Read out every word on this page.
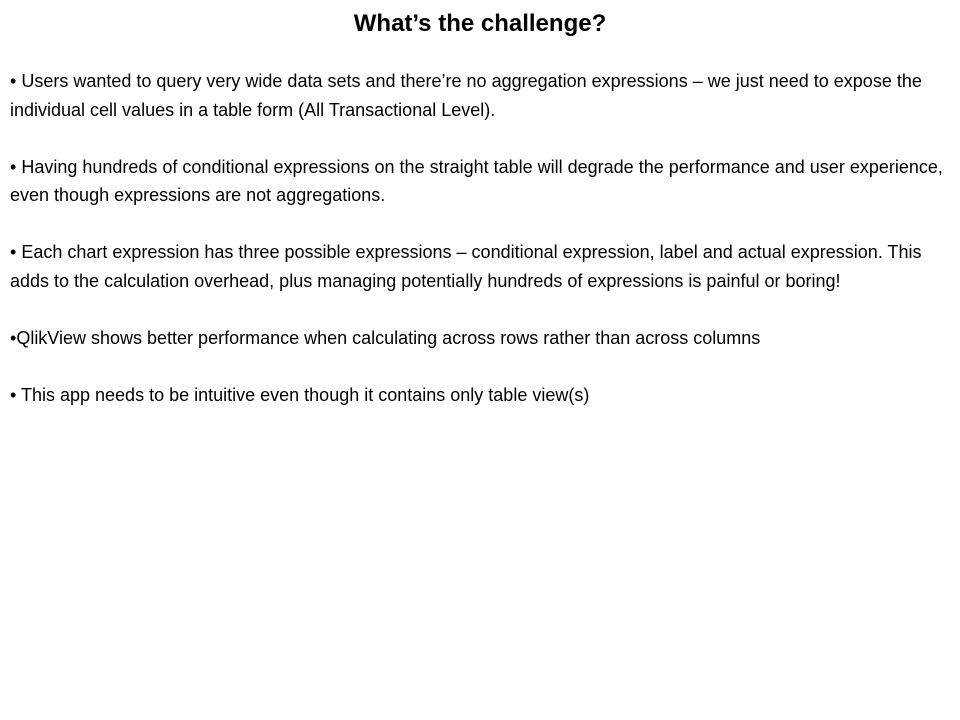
What’s the challenge?
• Users wanted to query very wide data sets and there’re no aggregation expressions – we just need to expose the individual cell values in a table form (All Transactional Level).
• Having hundreds of conditional expressions on the straight table will degrade the performance and user experience, even though expressions are not aggregations.
• Each chart expression has three possible expressions – conditional expression, label and actual expression. This adds to the calculation overhead, plus managing potentially hundreds of expressions is painful or boring!
•QlikView shows better performance when calculating across rows rather than across columns
• This app needs to be intuitive even though it contains only table view(s)
